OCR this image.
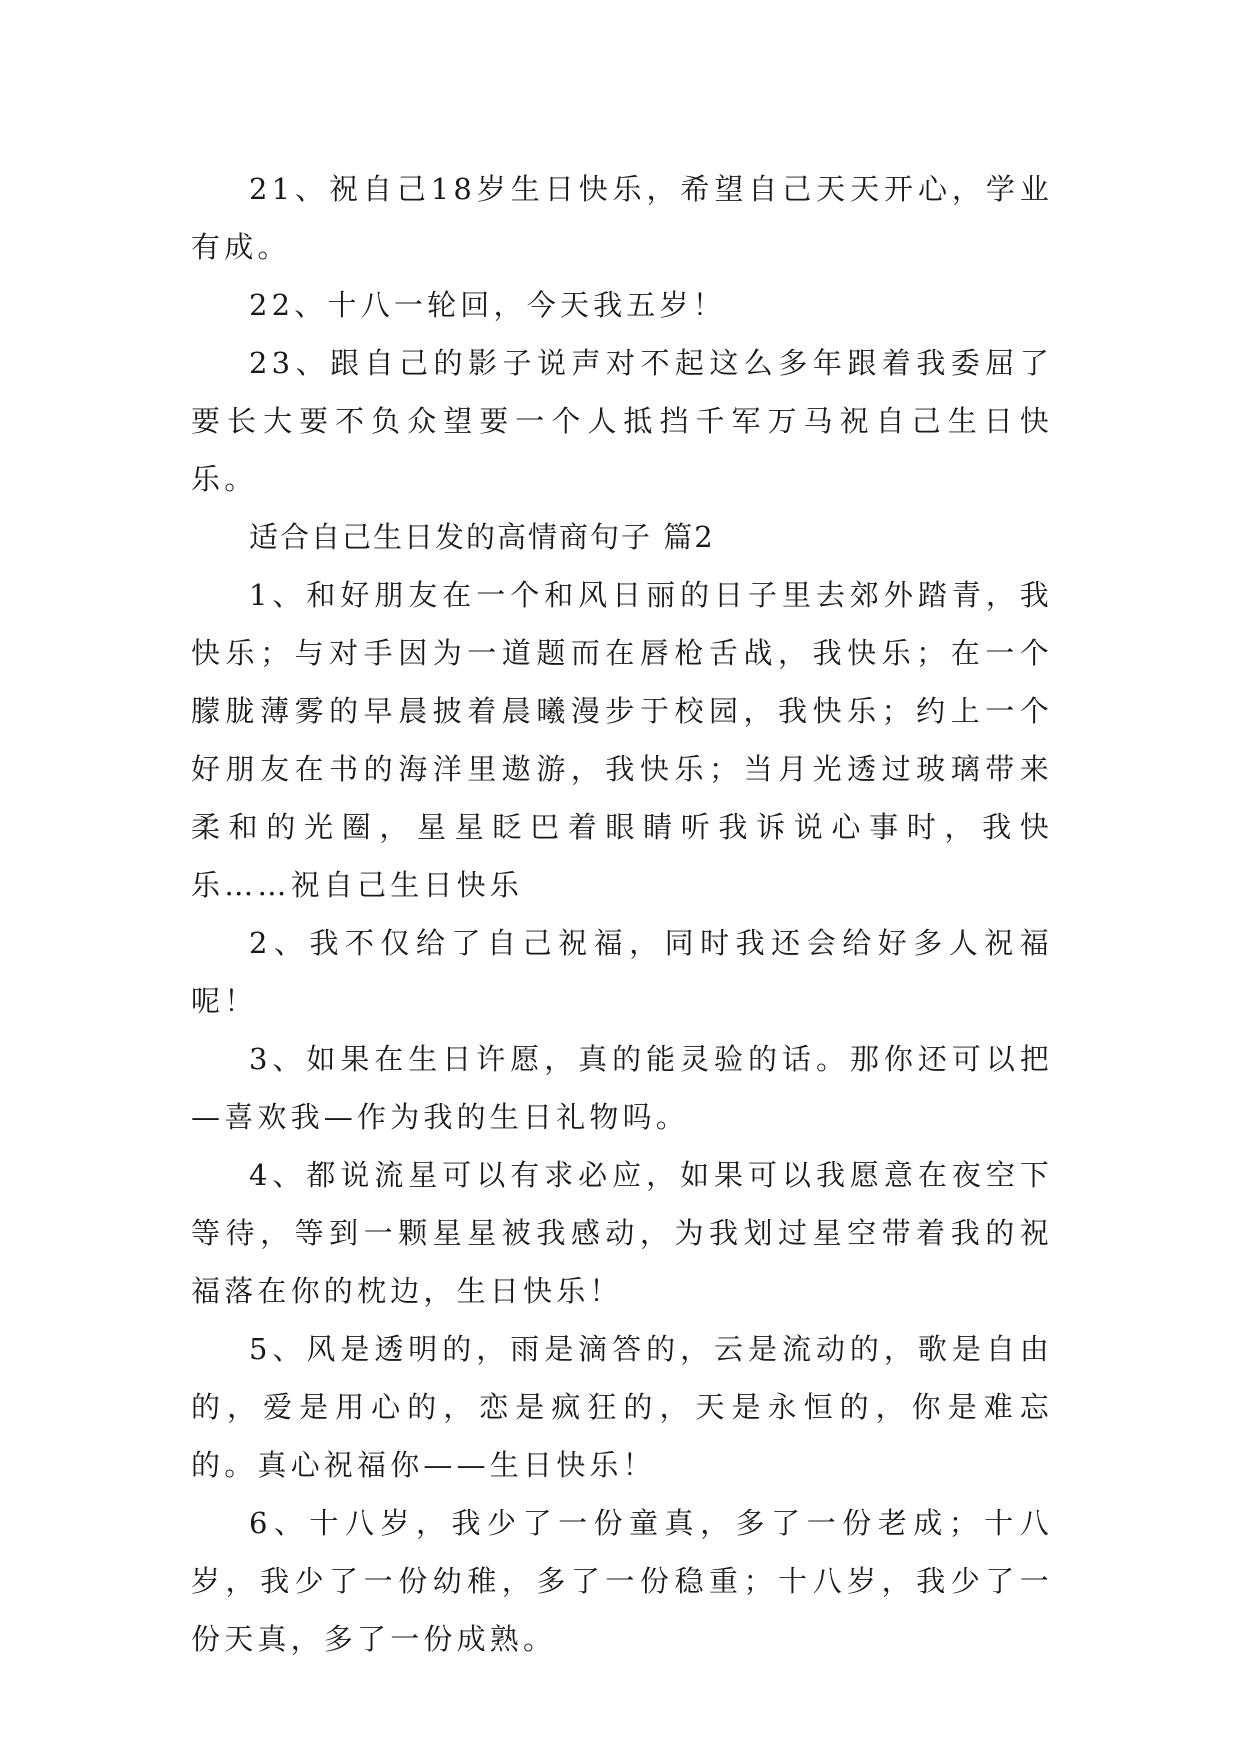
21、祝自己18岁生日快乐，希望自己天天开心，学业有成。

22、十八一轮回，今天我五岁！

23、跟自己的影子说声对不起这么多年跟着我委屈了要长大要不负众望要一个人抵挡千军万马祝自己生日快乐。

适合自己生日发的高情商句子 篇2

1、和好朋友在一个和风日丽的日子里去郊外踏青，我快乐；与对手因为一道题而在唇枪舌战，我快乐；在一个朦胧薄雾的早晨披着晨曦漫步于校园，我快乐；约上一个好朋友在书的海洋里遨游，我快乐；当月光透过玻璃带来柔和的光圈，星星眨巴着眼睛听我诉说心事时，我快乐……祝自己生日快乐

2、我不仅给了自己祝福，同时我还会给好多人祝福呢！

3、如果在生日许愿，真的能灵验的话。那你还可以把—喜欢我—作为我的生日礼物吗。

4、都说流星可以有求必应，如果可以我愿意在夜空下等待，等到一颗星星被我感动，为我划过星空带着我的祝福落在你的枕边，生日快乐！

5、风是透明的，雨是滴答的，云是流动的，歌是自由的，爱是用心的，恋是疯狂的，天是永恒的，你是难忘的。真心祝福你——生日快乐！

6、十八岁，我少了一份童真，多了一份老成；十八岁，我少了一份幼稚，多了一份稳重；十八岁，我少了一份天真，多了一份成熟。
